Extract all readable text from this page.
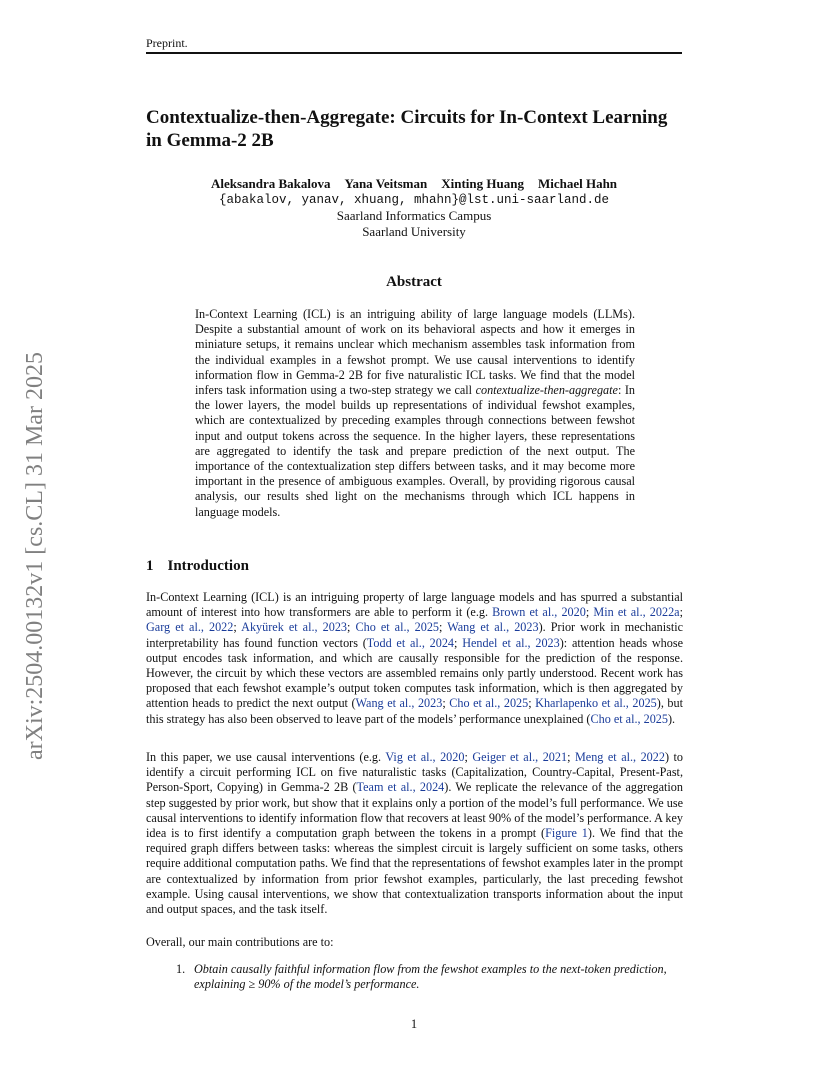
Preprint.
arXiv:2504.00132v1 [cs.CL] 31 Mar 2025
Contextualize-then-Aggregate: Circuits for In-Context Learning in Gemma-2 2B
Aleksandra Bakalova Yana Veitsman Xinting Huang Michael Hahn
{abakalov, yanav, xhuang, mhahn}@lst.uni-saarland.de
Saarland Informatics Campus
Saarland University
Abstract
In-Context Learning (ICL) is an intriguing ability of large language models (LLMs). Despite a substantial amount of work on its behavioral aspects and how it emerges in miniature setups, it remains unclear which mechanism assembles task information from the individual examples in a fewshot prompt. We use causal interventions to identify information flow in Gemma-2 2B for five naturalistic ICL tasks. We find that the model infers task information using a two-step strategy we call contextualize-then-aggregate: In the lower layers, the model builds up representations of individual fewshot examples, which are contextualized by preceding examples through connections between fewshot input and output tokens across the sequence. In the higher layers, these representations are aggregated to identify the task and prepare prediction of the next output. The importance of the contextualization step differs between tasks, and it may become more important in the presence of ambiguous examples. Overall, by providing rigorous causal analysis, our results shed light on the mechanisms through which ICL happens in language models.
1 Introduction
In-Context Learning (ICL) is an intriguing property of large language models and has spurred a substantial amount of interest into how transformers are able to perform it (e.g. Brown et al., 2020; Min et al., 2022a; Garg et al., 2022; Akyürek et al., 2023; Cho et al., 2025; Wang et al., 2023). Prior work in mechanistic interpretability has found function vectors (Todd et al., 2024; Hendel et al., 2023): attention heads whose output encodes task information, and which are causally responsible for the prediction of the response. However, the circuit by which these vectors are assembled remains only partly understood. Recent work has proposed that each fewshot example’s output token computes task information, which is then aggregated by attention heads to predict the next output (Wang et al., 2023; Cho et al., 2025; Kharlapenko et al., 2025), but this strategy has also been observed to leave part of the models’ performance unexplained (Cho et al., 2025).
In this paper, we use causal interventions (e.g. Vig et al., 2020; Geiger et al., 2021; Meng et al., 2022) to identify a circuit performing ICL on five naturalistic tasks (Capitalization, Country-Capital, Present-Past, Person-Sport, Copying) in Gemma-2 2B (Team et al., 2024). We replicate the relevance of the aggregation step suggested by prior work, but show that it explains only a portion of the model’s full performance. We use causal interventions to identify information flow that recovers at least 90% of the model’s performance. A key idea is to first identify a computation graph between the tokens in a prompt (Figure 1). We find that the required graph differs between tasks: whereas the simplest circuit is largely sufficient on some tasks, others require additional computation paths. We find that the representations of fewshot examples later in the prompt are contextualized by information from prior fewshot examples, particularly, the last preceding fewshot example. Using causal interventions, we show that contextualization transports information about the input and output spaces, and the task itself.
Overall, our main contributions are to:
1. Obtain causally faithful information flow from the fewshot examples to the next-token prediction, explaining ≥ 90% of the model’s performance.
1
